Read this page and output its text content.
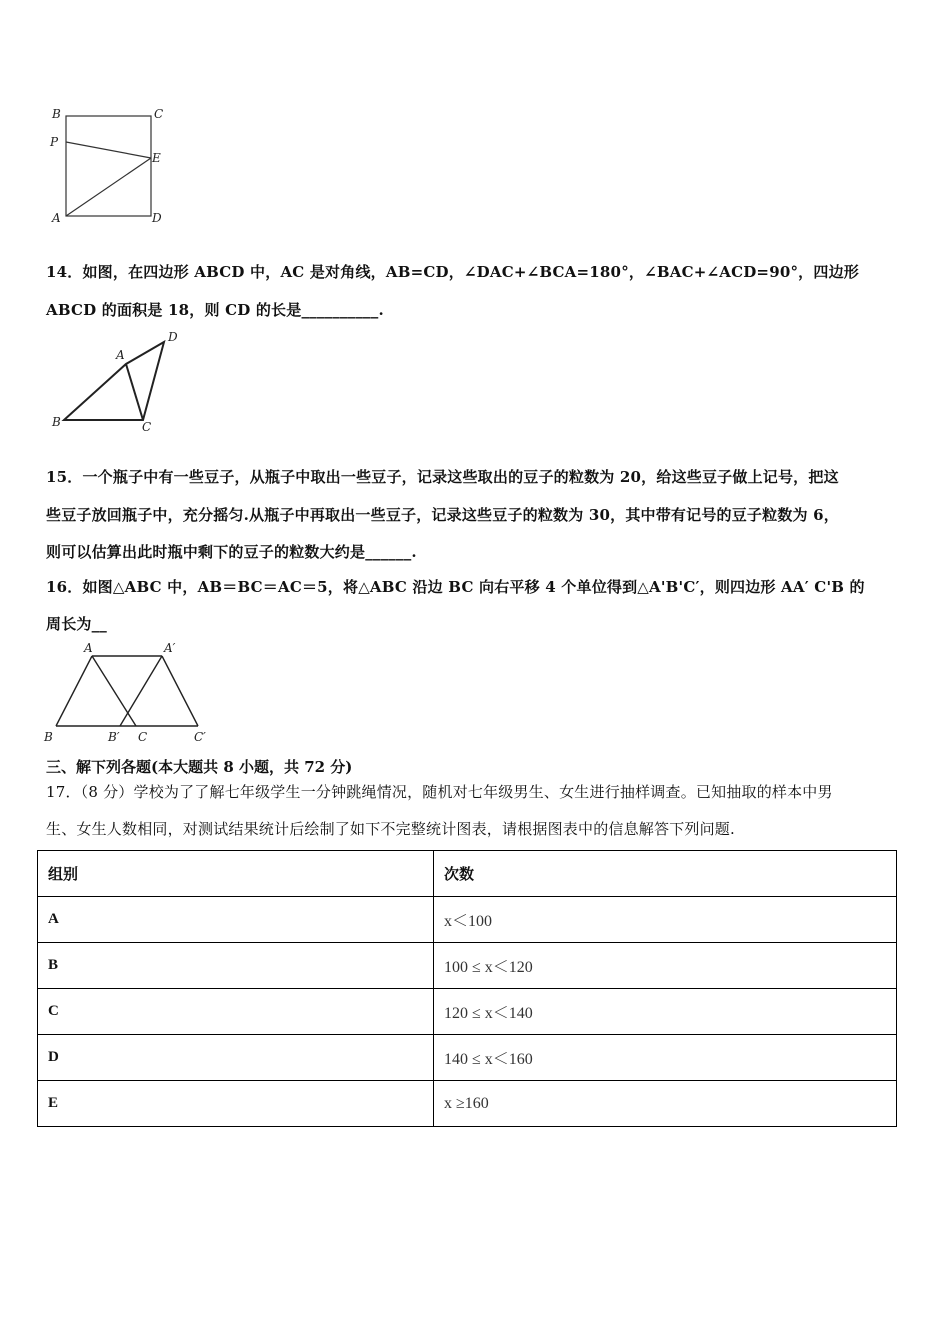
B	C
P
E
A	D
14．如图，在四边形 ABCD 中，AC 是对角线，AB=CD，∠DAC+∠BCA=180°，∠BAC+∠ACD=90°，四边形
ABCD 的面积是 18，则 CD 的长是__________.
A
D
B	C
15．一个瓶子中有一些豆子，从瓶子中取出一些豆子，记录这些取出的豆子的粒数为 20，给这些豆子做上记号，把这
些豆子放回瓶子中，充分摇匀.从瓶子中再取出一些豆子，记录这些豆子的粒数为 30，其中带有记号的豆子粒数为 6，
则可以估算出此时瓶中剩下的豆子的粒数大约是______.
16．如图△ABC 中，AB＝BC＝AC＝5，将△ABC 沿边 BC 向右平移 4 个单位得到△A'B'C′，则四边形 AA′ C'B 的
周长为__
A	A′
B	B′ C	C′
三、解下列各题(本大题共 8 小题，共 72 分)
17．（8 分）学校为了了解七年级学生一分钟跳绳情况，随机对七年级男生、女生进行抽样调查。已知抽取的样本中男
生、女生人数相同，对测试结果统计后绘制了如下不完整统计图表，请根据图表中的信息解答下列问题.
组别	次数
A	x＜100
B	100 ≤ x＜120
C	120 ≤ x＜140
D	140 ≤ x＜160
E	x ≥160
